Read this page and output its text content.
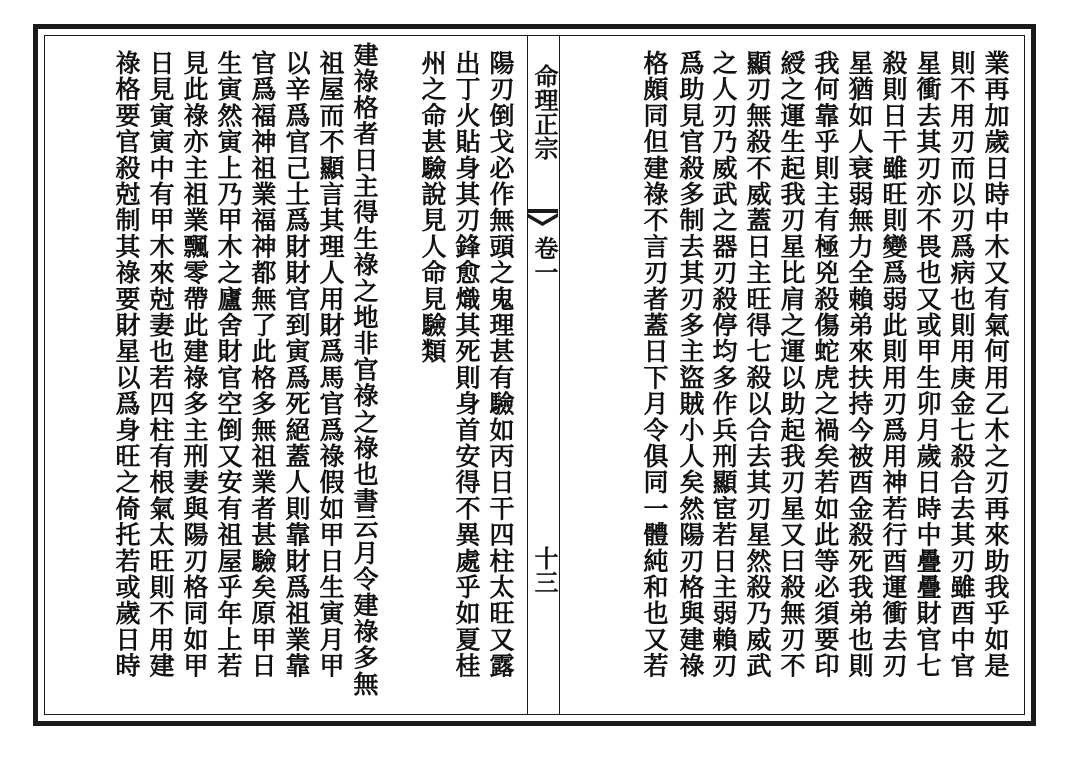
業再加歲日時中木又有氣何用乙木之刃再來助我乎如是
則不用刃而以刃爲病也則用庚金七殺合去其刃雖酉中官
星衝去其刃亦不畏也又或甲生卯月歲日時中疊疊財官七
殺則日干雖旺則變爲弱此則用刃爲用神若行酉運衝去刃
星猶如人衰弱無力全賴弟來扶持今被酉金殺死我弟也則
我何靠乎則主有極兇殺傷蛇虎之禍矣若如此等必須要印
綬之運生起我刃星比肩之運以助起我刃星又曰殺無刃不
顯刃無殺不威蓋日主旺得七殺以合去其刃星然殺乃威武
之人刃乃威武之器刃殺停均多作兵刑顯宦若日主弱賴刃
爲助見官殺多制去其刃多主盜賊小人矣然陽刃格與建祿
格頗同但建祿不言刃者蓋日下月令俱同一體純和也又若
命理正宗
卷一
十三
陽刃倒戈必作無頭之鬼理甚有驗如丙日干四柱太旺又露
出丁火貼身其刃鋒愈熾其死則身首安得不異處乎如夏桂
州之命甚驗說見人命見驗類
建祿格者日主得生祿之地非官祿之祿也書云月令建祿多無
祖屋而不顯言其理人用財爲馬官爲祿假如甲日生寅月甲
以辛爲官己土爲財財官到寅爲死絕蓋人則靠財爲祖業靠
官爲福神祖業福神都無了此格多無祖業者甚驗矣原甲日
生寅然寅上乃甲木之廬舍財官空倒又安有祖屋乎年上若
見此祿亦主祖業飄零帶此建祿多主刑妻與陽刃格同如甲
日見寅寅中有甲木來尅妻也若四柱有根氣太旺則不用建
祿格要官殺尅制其祿要財星以爲身旺之倚托若或歲日時
